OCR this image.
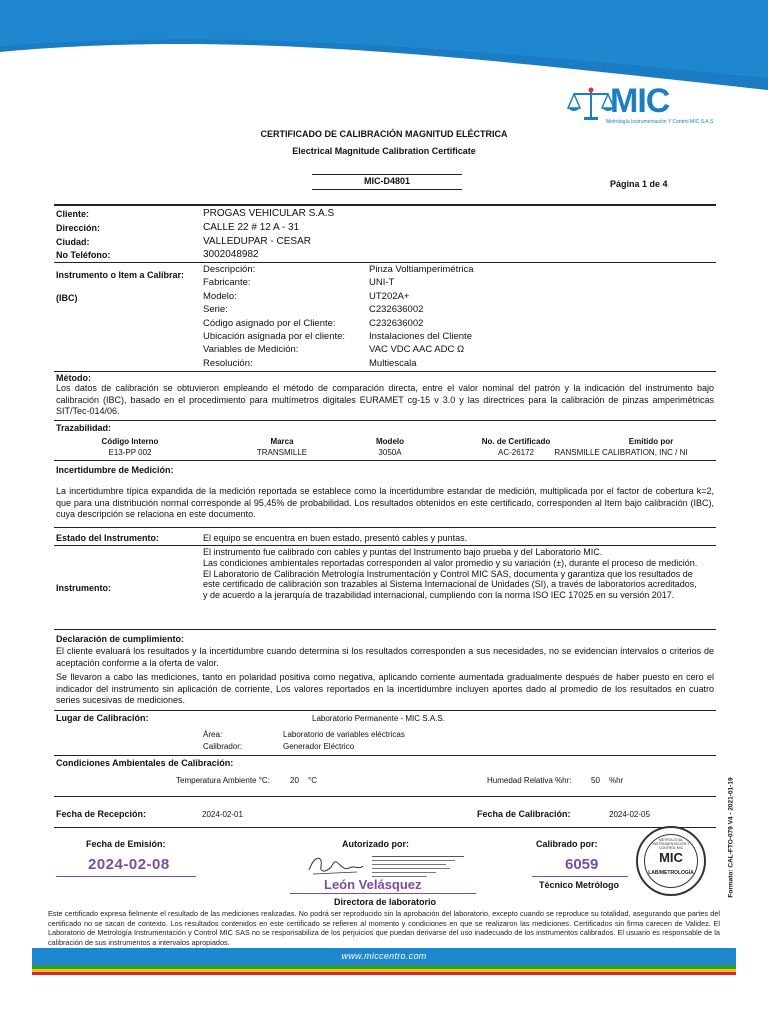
MIC
Metrología Instrumentación Y Control MIC S.A.S
CERTIFICADO DE CALIBRACIÓN MAGNITUD ELÉCTRICA
Electrical Magnitude Calibration Certificate
MIC-D4801	Página 1 de 4
Cliente:	PROGAS VEHICULAR S.A.S
Dirección:	CALLE 22 # 12 A - 31
Ciudad:	VALLEDUPAR - CESAR
No Teléfono:	3002048982
Instrumento o Item a Calibrar:
(IBC)
Descripción:	Pinza Voltiamperimétrica
Fabricante:	UNI-T
Modelo:	UT202A+
Serie:	C232636002
Código asignado por el Cliente:	C232636002
Ubicación asignada por el cliente:	Instalaciones del Cliente
Variables de Medición:	VAC VDC AAC ADC Ω
Resolución:	Multiescala
Método:
Los datos de calibración se obtuvieron empleando el método de comparación directa, entre el valor nominal del patrón y la indicación del instrumento bajo calibración (IBC), basado en el procedimiento para multímetros digitales EURAMET cg-15 v 3.0 y las directrices para la calibración de pinzas amperimétricas SIT/Tec-014/06.
Trazabilidad:
Código Interno	Marca	Modelo	No. de Certificado	Emitido por
E13-PP 002	TRANSMILLE	3050A	AC-26172	RANSMILLE CALIBRATION, INC / NI
Incertidumbre de Medición:
La incertidumbre típica expandida de la medición reportada se establece como la incertidumbre estandar de medición, multiplicada por el factor de cobertura k=2, que para una distribución normal corresponde al 95,45% de probabilidad. Los resultados obtenidos en este certificado, corresponden al Item bajo calibración (IBC), cuya descripción se relaciona en este documento.
Estado del Instrumento:	El equipo se encuentra en buen estado, presentó cables y puntas.
Instrumento:
El instrumento fue calibrado con cables y puntas del Instrumento bajo prueba y del Laboratorio MIC.
Las condiciones ambientales reportadas corresponden al valor promedio y su variación (±), durante el proceso de medición.
El Laboratorio de Calibración Metrología Instrumentación y Control MIC SAS, documenta y garantiza que los resultados de este certificado de calibración son trazables al Sistema Internacional de Unidades (SI), a través de laboratorios acreditados, y de acuerdo a la jerarquía de trazabilidad internacional, cumpliendo con la norma ISO IEC 17025 en su versión 2017.
Declaración de cumplimiento:
El cliente evaluará los resultados y la incertidumbre cuando determina si los resultados corresponden a sus necesidades, no se evidencian intervalos o criterios de aceptación conforme a la oferta de valor.
Se llevaron a cabo las mediciones, tanto en polaridad positiva como negativa, aplicando corriente aumentada gradualmente después de haber puesto en cero el indicador del instrumento sin aplicación de corriente, Los valores reportados en la incertidumbre incluyen aportes dado al promedio de los resultados en cuatro series sucesivas de mediciones.
Lugar de Calibración:	Laboratorio Permanente - MIC S.A.S.
Área:	Laboratorio de variables eléctricas
Calibrador:	Generador Eléctrico
Condiciones Ambientales de Calibración:
Temperatura Ambiente °C:	20 °C	Humedad Relativa %hr: 50 %hr
Fecha de Recepción:	2024-02-01	Fecha de Calibración:	2024-02-05
Fecha de Emisión:
2024-02-08
Autorizado por:
León Velásquez
Directora de laboratorio
Calibrado por:
6059
Técnico Metrólogo
METROLOGÍA, INSTRUMENTACIÓN Y CONTROL MIC
MIC
LAB/METROLOGÍA	Formato: CAL-FTO-079 V4 - 2021-01-19
Este certificado expresa fielmente el resultado de las mediciones realizadas. No podrá ser reproducido sin la aprobación del laboratorio, excepto cuando se reproduce su totalidad, asegurando que partes del certificado no se sacan de contexto. Los resultados contenidos en este certificado se refieren al momento y condiciones en que se realizaron las mediciones. Certificados sin firma carecen de Validez. El Laboratorio de Metrología Instrumentación y Control MIC SAS no se responsabiliza de los perjuicios que puedan derivarse del uso inadecuado de los instrumentos calibrados. El usuario es responsable de la calibración de sus instrumentos a intervalos apropiados.
www.miccentro.com
